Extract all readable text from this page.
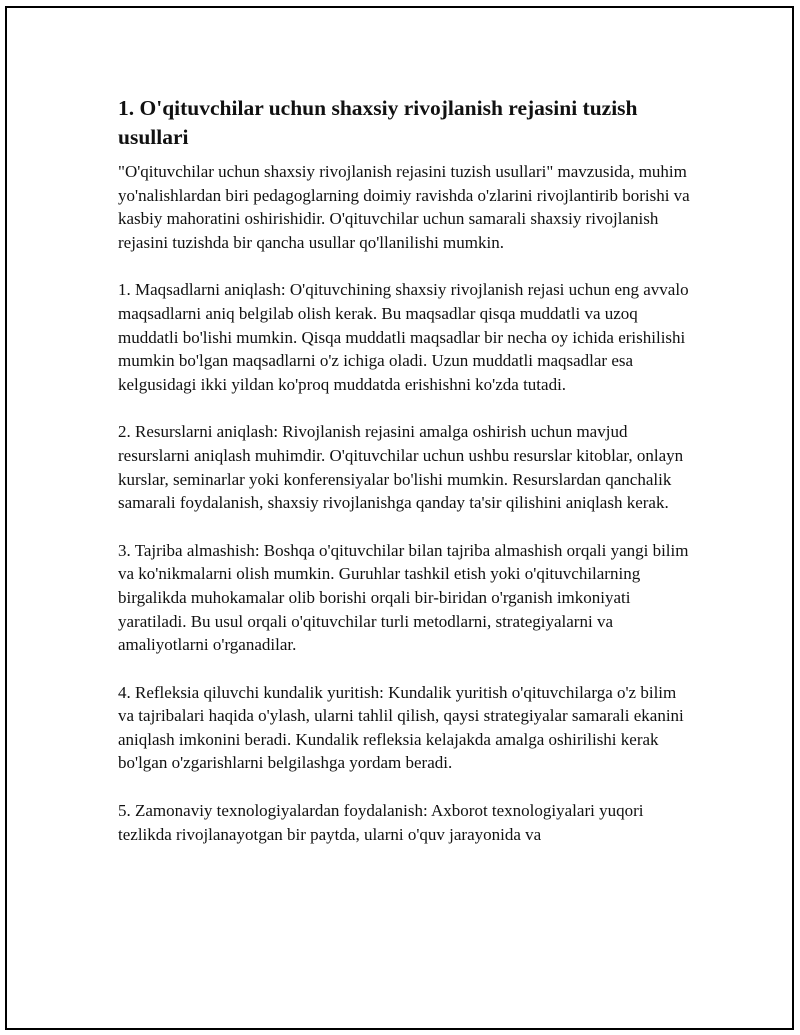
1. O'qituvchilar uchun shaxsiy rivojlanish rejasini tuzish usullari

"O'qituvchilar uchun shaxsiy rivojlanish rejasini tuzish usullari" mavzusida, muhim yo'nalishlardan biri pedagoglarning doimiy ravishda o'zlarini rivojlantirib borishi va kasbiy mahoratini oshirishidir. O'qituvchilar uchun samarali shaxsiy rivojlanish rejasini tuzishda bir qancha usullar qo'llanilishi mumkin.

1. Maqsadlarni aniqlash: O'qituvchining shaxsiy rivojlanish rejasi uchun eng avvalo maqsadlarni aniq belgilab olish kerak. Bu maqsadlar qisqa muddatli va uzoq muddatli bo'lishi mumkin. Qisqa muddatli maqsadlar bir necha oy ichida erishilishi mumkin bo'lgan maqsadlarni o'z ichiga oladi. Uzun muddatli maqsadlar esa kelgusidagi ikki yildan ko'proq muddatda erishishni ko'zda tutadi.

2. Resurslarni aniqlash: Rivojlanish rejasini amalga oshirish uchun mavjud resurslarni aniqlash muhimdir. O'qituvchilar uchun ushbu resurslar kitoblar, onlayn kurslar, seminarlar yoki konferensiyalar bo'lishi mumkin. Resurslardan qanchalik samarali foydalanish, shaxsiy rivojlanishga qanday ta'sir qilishini aniqlash kerak.

3. Tajriba almashish: Boshqa o'qituvchilar bilan tajriba almashish orqali yangi bilim va ko'nikmalarni olish mumkin. Guruhlar tashkil etish yoki o'qituvchilarning birgalikda muhokamalar olib borishi orqali bir-biridan o'rganish imkoniyati yaratiladi. Bu usul orqali o'qituvchilar turli metodlarni, strategiyalarni va amaliyotlarni o'rganadilar.

4. Refleksia qiluvchi kundalik yuritish: Kundalik yuritish o'qituvchilarga o'z bilim va tajribalari haqida o'ylash, ularni tahlil qilish, qaysi strategiyalar samarali ekanini aniqlash imkonini beradi. Kundalik refleksia kelajakda amalga oshirilishi kerak bo'lgan o'zgarishlarni belgilashga yordam beradi.

5. Zamonaviy texnologiyalardan foydalanish: Axborot texnologiyalari yuqori tezlikda rivojlanayotgan bir paytda, ularni o'quv jarayonida va
